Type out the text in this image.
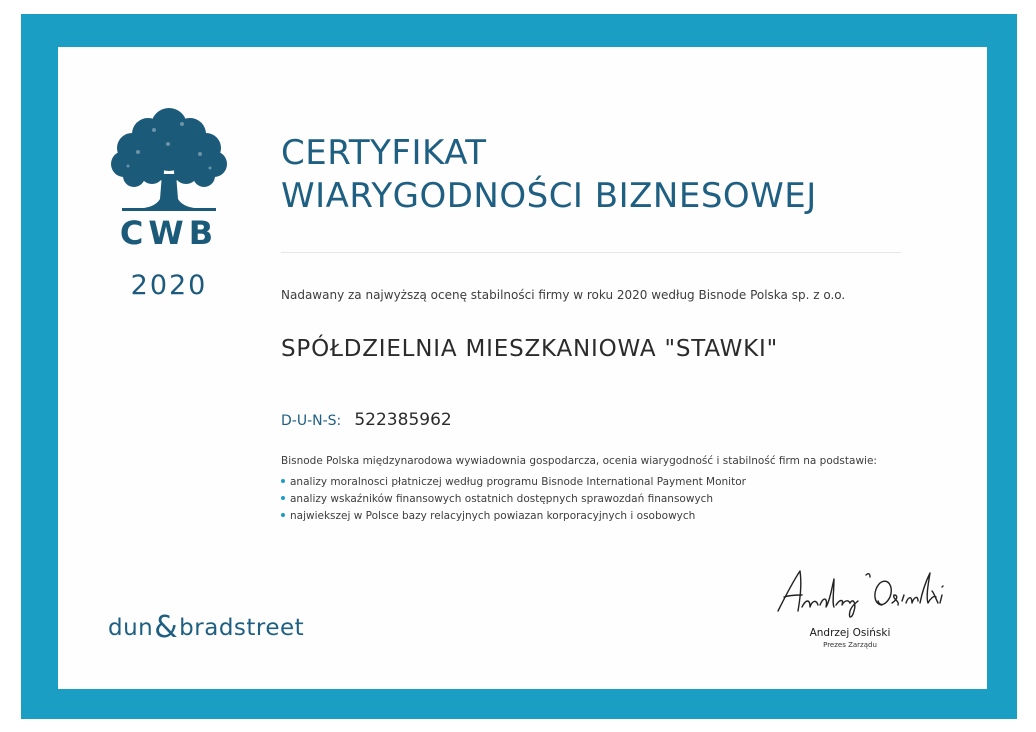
CWB
2020
CERTYFIKAT
WIARYGODNOŚCI BIZNESOWEJ
Nadawany za najwyższą ocenę stabilności firmy w roku 2020 według Bisnode Polska sp. z o.o.
SPÓŁDZIELNIA MIESZKANIOWA "STAWKI"
D-U-N-S: 522385962
Bisnode Polska międzynarodowa wywiadownia gospodarcza, ocenia wiarygodność i stabilność firm na podstawie:
analizy moralnosci płatniczej według programu Bisnode International Payment Monitor
analizy wskaźników finansowych ostatnich dostępnych sprawozdań finansowych
najwiekszej w Polsce bazy relacyjnych powiazan korporacyjnych i osobowych
dun&bradstreet	Andrzej Osiński
Prezes Zarządu
